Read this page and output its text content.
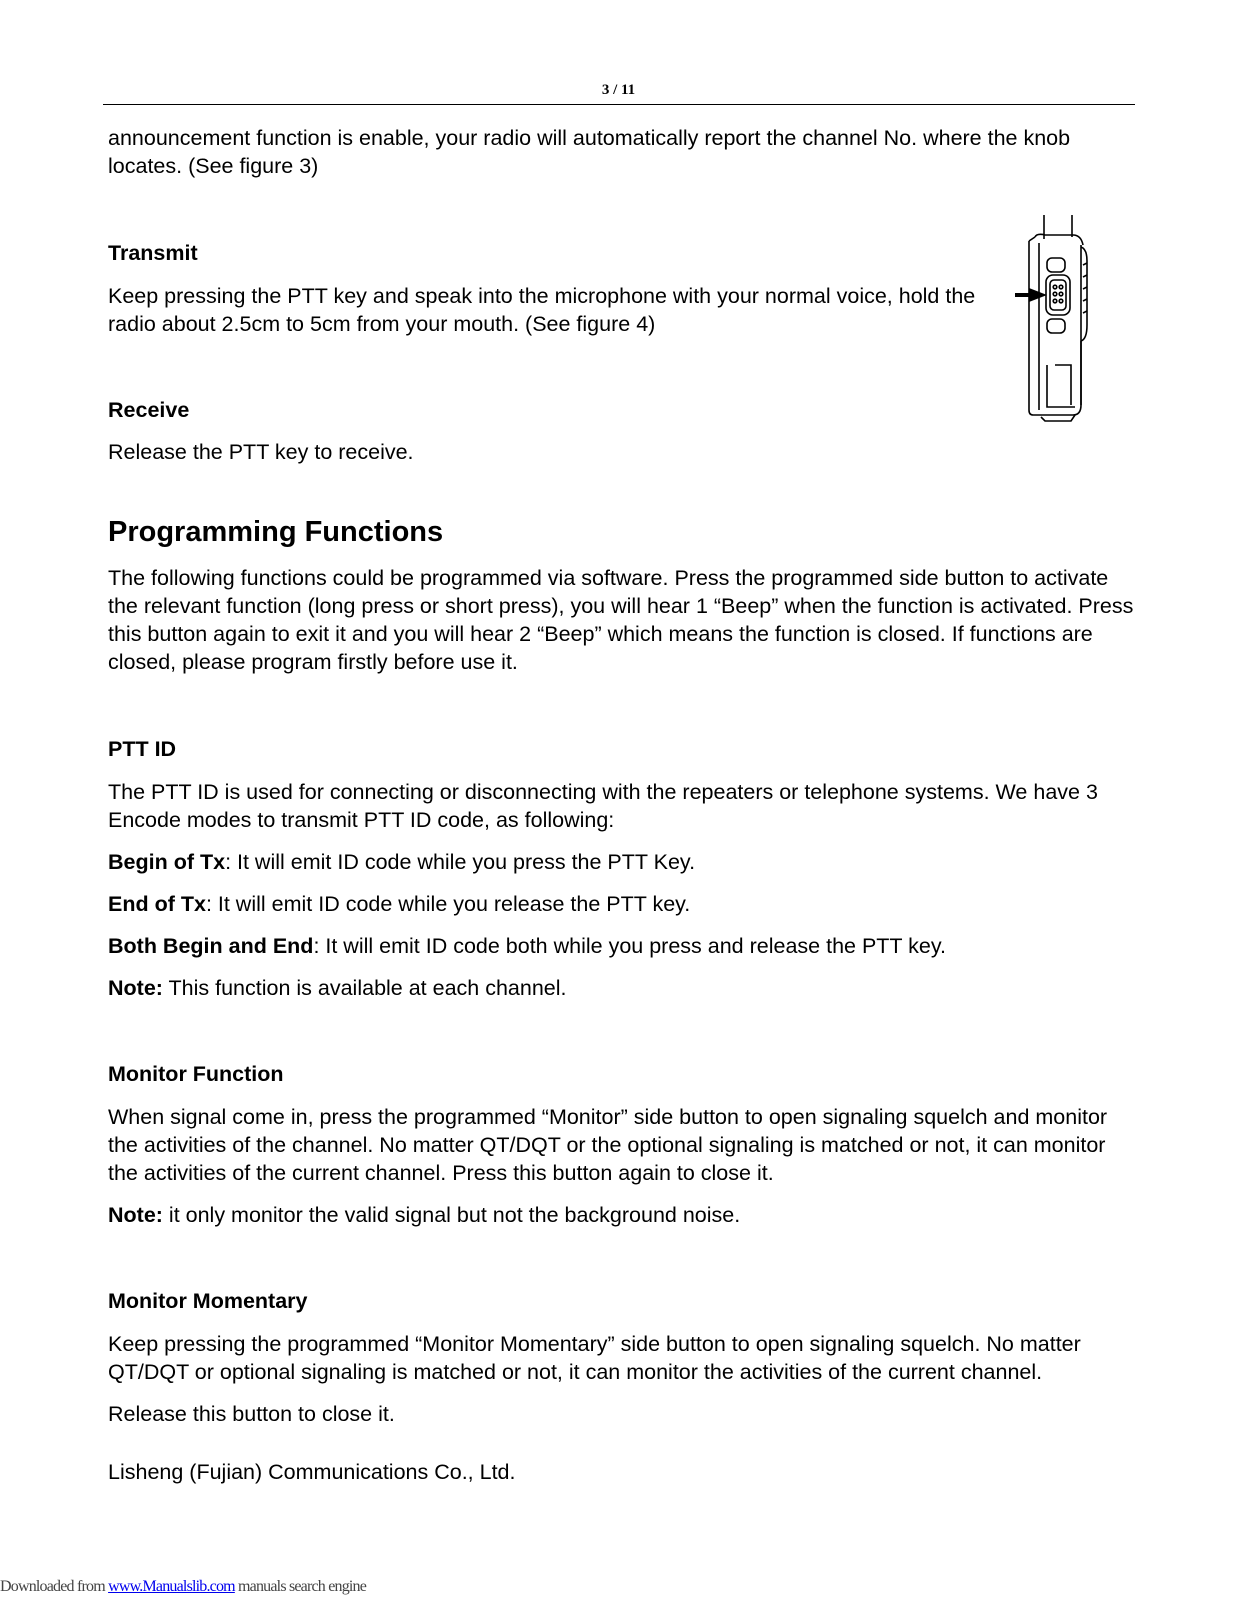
3 / 11

announcement function is enable, your radio will automatically report the channel No. where the knob locates. (See figure 3)

Transmit

Keep pressing the PTT key and speak into the microphone with your normal voice, hold the radio about 2.5cm to 5cm from your mouth. (See figure 4)

Receive

Release the PTT key to receive.

Programming Functions

The following functions could be programmed via software. Press the programmed side button to activate the relevant function (long press or short press), you will hear 1 “Beep” when the function is activated. Press this button again to exit it and you will hear 2 “Beep” which means the function is closed. If functions are closed, please program firstly before use it.

PTT ID

The PTT ID is used for connecting or disconnecting with the repeaters or telephone systems. We have 3 Encode modes to transmit PTT ID code, as following:

Begin of Tx: It will emit ID code while you press the PTT Key.

End of Tx: It will emit ID code while you release the PTT key.

Both Begin and End: It will emit ID code both while you press and release the PTT key.

Note: This function is available at each channel.

Monitor Function

When signal come in, press the programmed “Monitor” side button to open signaling squelch and monitor the activities of the channel. No matter QT/DQT or the optional signaling is matched or not, it can monitor the activities of the current channel. Press this button again to close it.

Note: it only monitor the valid signal but not the background noise.

Monitor Momentary

Keep pressing the programmed “Monitor Momentary” side button to open signaling squelch. No matter QT/DQT or optional signaling is matched or not, it can monitor the activities of the current channel.

Release this button to close it.

Lisheng (Fujian) Communications Co., Ltd.

Downloaded from www.Manualslib.com manuals search engine
